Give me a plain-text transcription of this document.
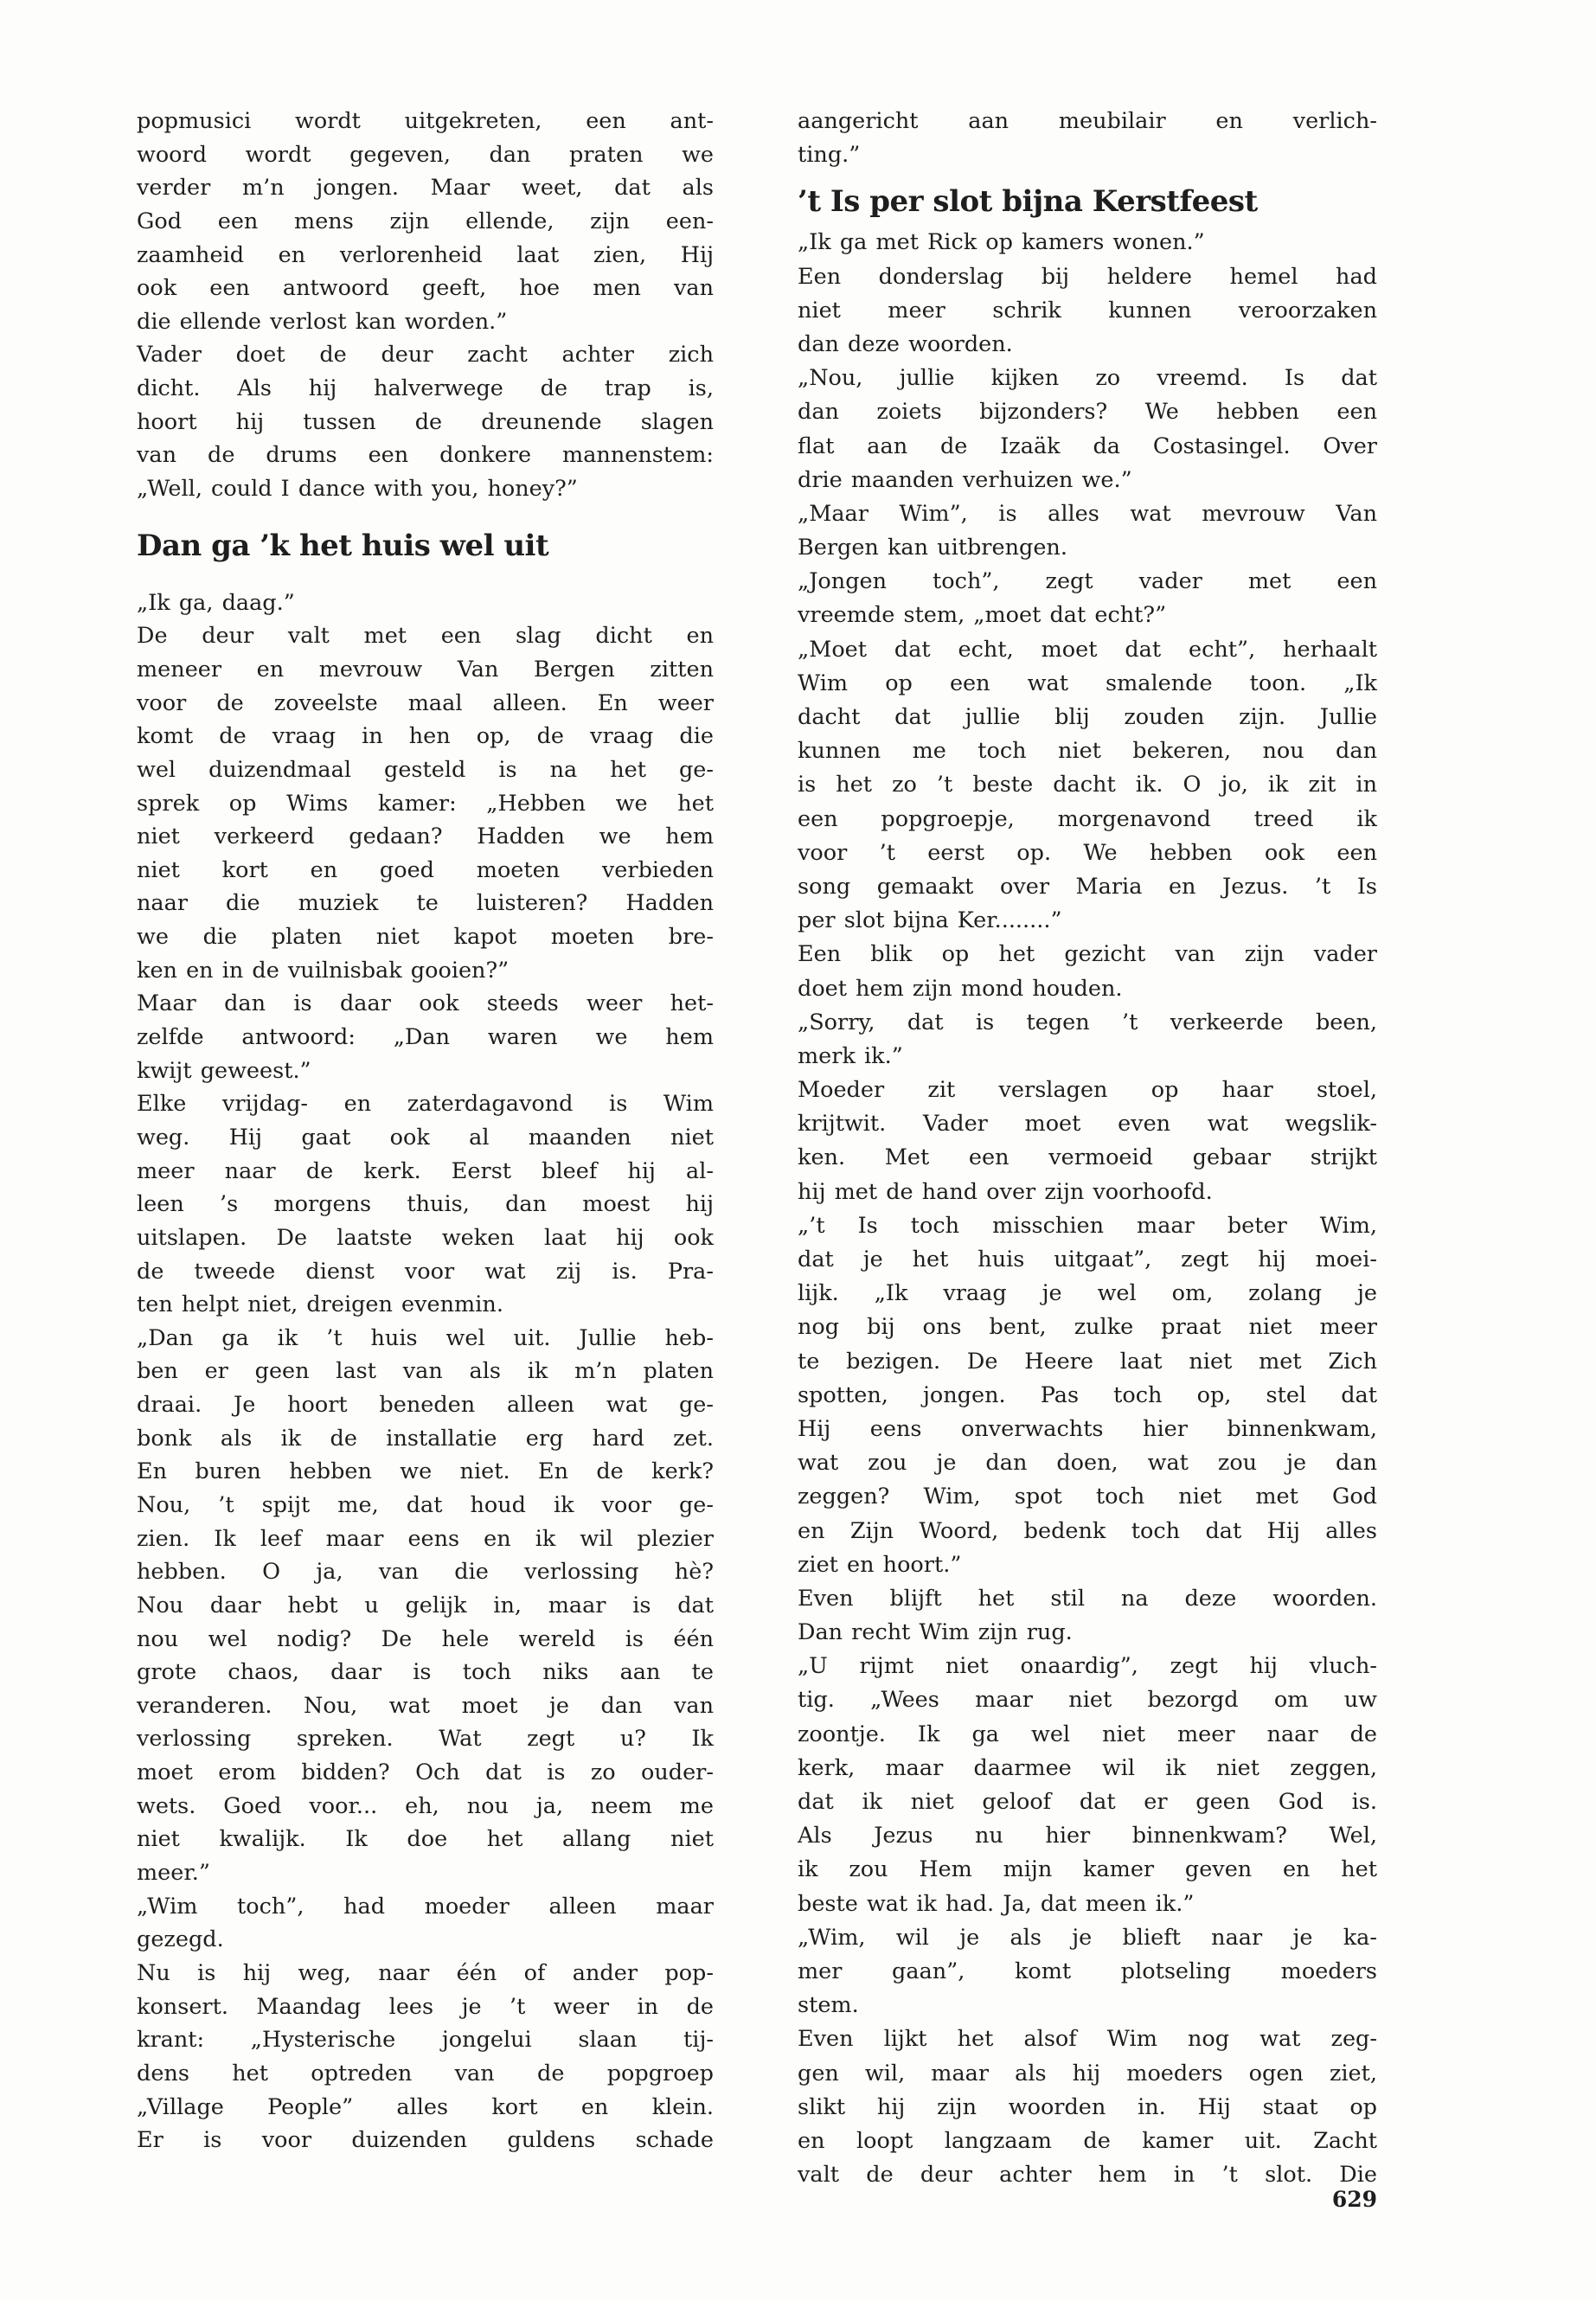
popmusici wordt uitgekreten, een ant-
woord wordt gegeven, dan praten we
verder m’n jongen. Maar weet, dat als
God een mens zijn ellende, zijn een-
zaamheid en verlorenheid laat zien, Hij
ook een antwoord geeft, hoe men van
die ellende verlost kan worden.”
Vader doet de deur zacht achter zich
dicht. Als hij halverwege de trap is,
hoort hij tussen de dreunende slagen
van de drums een donkere mannenstem:
„Well, could I dance with you, honey?”
Dan ga ’k het huis wel uit
„Ik ga, daag.”
De deur valt met een slag dicht en
meneer en mevrouw Van Bergen zitten
voor de zoveelste maal alleen. En weer
komt de vraag in hen op, de vraag die
wel duizendmaal gesteld is na het ge-
sprek op Wims kamer: „Hebben we het
niet verkeerd gedaan? Hadden we hem
niet kort en goed moeten verbieden
naar die muziek te luisteren? Hadden
we die platen niet kapot moeten bre-
ken en in de vuilnisbak gooien?”
Maar dan is daar ook steeds weer het-
zelfde antwoord: „Dan waren we hem
kwijt geweest.”
Elke vrijdag- en zaterdagavond is Wim
weg. Hij gaat ook al maanden niet
meer naar de kerk. Eerst bleef hij al-
leen ’s morgens thuis, dan moest hij
uitslapen. De laatste weken laat hij ook
de tweede dienst voor wat zij is. Pra-
ten helpt niet, dreigen evenmin.
„Dan ga ik ’t huis wel uit. Jullie heb-
ben er geen last van als ik m’n platen
draai. Je hoort beneden alleen wat ge-
bonk als ik de installatie erg hard zet.
En buren hebben we niet. En de kerk?
Nou, ’t spijt me, dat houd ik voor ge-
zien. Ik leef maar eens en ik wil plezier
hebben. O ja, van die verlossing hè?
Nou daar hebt u gelijk in, maar is dat
nou wel nodig? De hele wereld is één
grote chaos, daar is toch niks aan te
veranderen. Nou, wat moet je dan van
verlossing spreken. Wat zegt u? Ik
moet erom bidden? Och dat is zo ouder-
wets. Goed voor... eh, nou ja, neem me
niet kwalijk. Ik doe het allang niet
meer.”
„Wim toch”, had moeder alleen maar
gezegd.
Nu is hij weg, naar één of ander pop-
konsert. Maandag lees je ’t weer in de
krant: „Hysterische jongelui slaan tij-
dens het optreden van de popgroep
„Village People” alles kort en klein.
Er is voor duizenden guldens schade
aangericht aan meubilair en verlich-
ting.”
’t Is per slot bijna Kerstfeest
„Ik ga met Rick op kamers wonen.”
Een donderslag bij heldere hemel had
niet meer schrik kunnen veroorzaken
dan deze woorden.
„Nou, jullie kijken zo vreemd. Is dat
dan zoiets bijzonders? We hebben een
flat aan de Izaäk da Costasingel. Over
drie maanden verhuizen we.”
„Maar Wim”, is alles wat mevrouw Van
Bergen kan uitbrengen.
„Jongen toch”, zegt vader met een
vreemde stem, „moet dat echt?”
„Moet dat echt, moet dat echt”, herhaalt
Wim op een wat smalende toon. „Ik
dacht dat jullie blij zouden zijn. Jullie
kunnen me toch niet bekeren, nou dan
is het zo ’t beste dacht ik. O jo, ik zit in
een popgroepje, morgenavond treed ik
voor ’t eerst op. We hebben ook een
song gemaakt over Maria en Jezus. ’t Is
per slot bijna Ker........”
Een blik op het gezicht van zijn vader
doet hem zijn mond houden.
„Sorry, dat is tegen ’t verkeerde been,
merk ik.”
Moeder zit verslagen op haar stoel,
krijtwit. Vader moet even wat wegslik-
ken. Met een vermoeid gebaar strijkt
hij met de hand over zijn voorhoofd.
„’t Is toch misschien maar beter Wim,
dat je het huis uitgaat”, zegt hij moei-
lijk. „Ik vraag je wel om, zolang je
nog bij ons bent, zulke praat niet meer
te bezigen. De Heere laat niet met Zich
spotten, jongen. Pas toch op, stel dat
Hij eens onverwachts hier binnenkwam,
wat zou je dan doen, wat zou je dan
zeggen? Wim, spot toch niet met God
en Zijn Woord, bedenk toch dat Hij alles
ziet en hoort.”
Even blijft het stil na deze woorden.
Dan recht Wim zijn rug.
„U rijmt niet onaardig”, zegt hij vluch-
tig. „Wees maar niet bezorgd om uw
zoontje. Ik ga wel niet meer naar de
kerk, maar daarmee wil ik niet zeggen,
dat ik niet geloof dat er geen God is.
Als Jezus nu hier binnenkwam? Wel,
ik zou Hem mijn kamer geven en het
beste wat ik had. Ja, dat meen ik.”
„Wim, wil je als je blieft naar je ka-
mer gaan”, komt plotseling moeders
stem.
Even lijkt het alsof Wim nog wat zeg-
gen wil, maar als hij moeders ogen ziet,
slikt hij zijn woorden in. Hij staat op
en loopt langzaam de kamer uit. Zacht
valt de deur achter hem in ’t slot. Die
629
